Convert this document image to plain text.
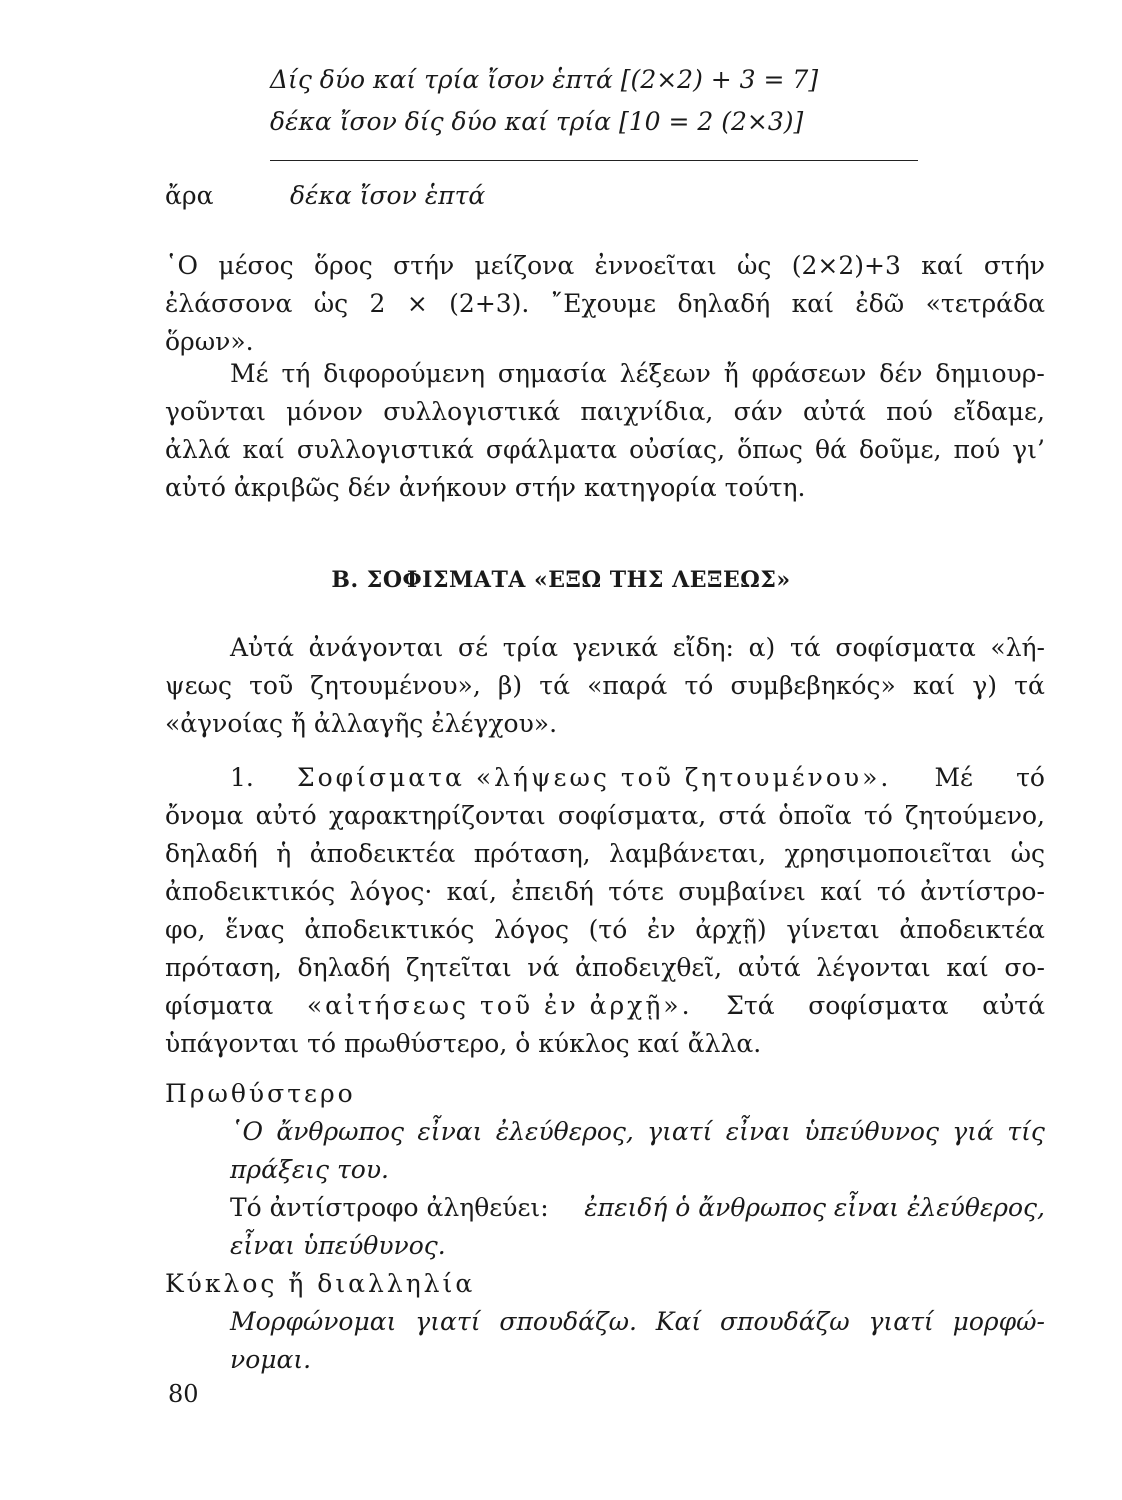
Δίς δύο καί τρία ἴσον ἑπτά [(2×2) + 3 = 7]
δέκα ἴσον δίς δύο καί τρία [10 = 2 (2×3)]
ἄρα	δέκα ἴσον ἑπτά
῾Ο μέσος ὅρος στήν μείζονα ἐννοεῖται ὡς (2×2)+3 καί στήν
ἐλάσσονα ὡς 2 × (2+3). ῎Εχουμε δηλαδή καί ἐδῶ «τετράδα
ὅρων».
Μέ τή διφορούμενη σημασία λέξεων ἤ φράσεων δέν δημιουρ-
γοῦνται μόνον συλλογιστικά παιχνίδια, σάν αὐτά πού εἴδαμε,
ἀλλά καί συλλογιστικά σφάλματα οὐσίας, ὅπως θά δοῦμε, πού γι’
αὐτό ἀκριβῶς δέν ἀνήκουν στήν κατηγορία τούτη.
Β. ΣΟΦΙΣΜΑΤΑ «ΕΞΩ ΤΗΣ ΛΕΞΕΩΣ»
Αὐτά ἀνάγονται σέ τρία γενικά εἴδη: α) τά σοφίσματα «λή-
ψεως τοῦ ζητουμένου», β) τά «παρά τό συμβεβηκός» καί γ) τά
«ἀγνοίας ἤ ἀλλαγῆς ἐλέγχου».
1. Σοφίσματα «λήψεως τοῦ ζητουμένου». Μέ τό
ὄνομα αὐτό χαρακτηρίζονται σοφίσματα, στά ὁποῖα τό ζητούμενο,
δηλαδή ἡ ἀποδεικτέα πρόταση, λαμβάνεται, χρησιμοποιεῖται ὡς
ἀποδεικτικός λόγος· καί, ἐπειδή τότε συμβαίνει καί τό ἀντίστρο-
φο, ἕνας ἀποδεικτικός λόγος (τό ἐν ἀρχῇ) γίνεται ἀποδεικτέα
πρόταση, δηλαδή ζητεῖται νά ἀποδειχθεῖ, αὐτά λέγονται καί σο-
φίσματα «αἰτήσεως τοῦ ἐν ἀρχῇ». Στά σοφίσματα αὐτά
ὑπάγονται τό πρωθύστερο, ὁ κύκλος καί ἄλλα.
Πρωθύστερο
῾Ο ἄνθρωπος εἶναι ἐλεύθερος, γιατί εἶναι ὑπεύθυνος γιά τίς
πράξεις του.
Τό ἀντίστροφο ἀληθεύει: ἐπειδή ὁ ἄνθρωπος εἶναι ἐλεύθερος,
εἶναι ὑπεύθυνος.
Κύκλος ἤ διαλληλία
Μορφώνομαι γιατί σπουδάζω. Καί σπουδάζω γιατί μορφώ-
νομαι.
80
